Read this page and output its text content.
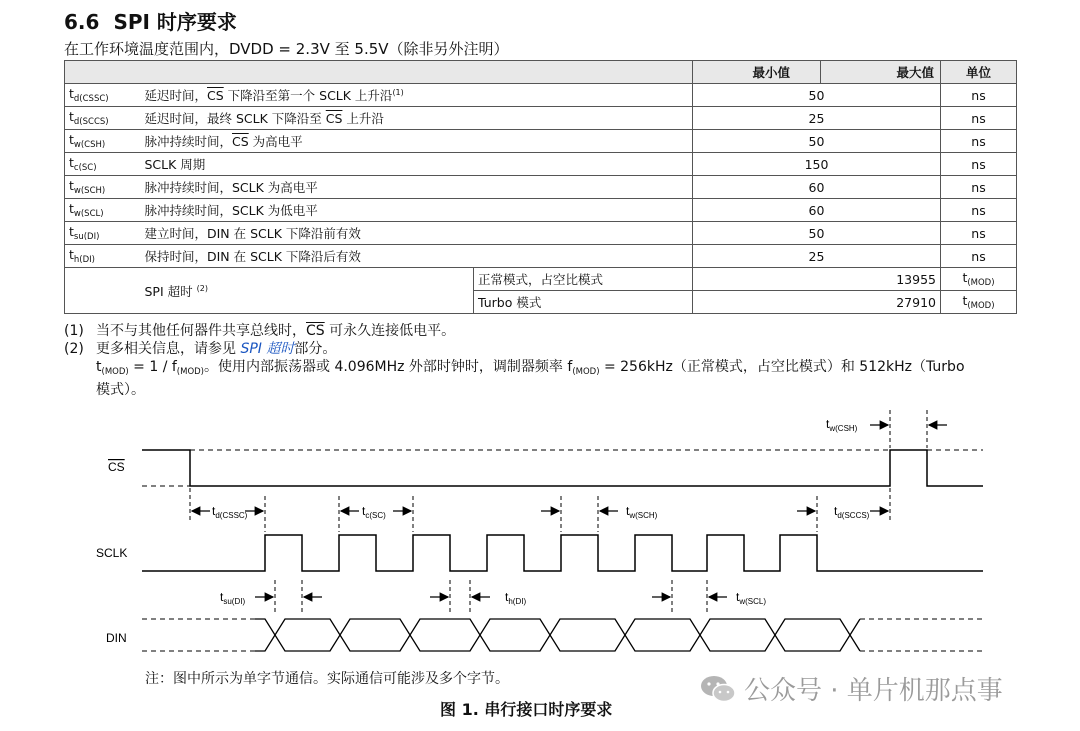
6.6 SPI 时序要求
在工作环境温度范围内，DVDD = 2.3V 至 5.5V（除非另外注明）
			最小值	最大值	单位
$t_{d(CSSC)}$	延迟时间，$\overline{CS}$ 下降沿至第一个 SCLK 上升沿$^{(1)}$		50		ns
$t_{d(SCCS)}$	延迟时间，最终 SCLK 下降沿至 $\overline{CS}$ 上升沿		25		ns
$t_{w(CSH)}$	脉冲持续时间，$\overline{CS}$ 为高电平		50		ns
$t_{c(SC)}$	SCLK 周期		150		ns
$t_{w(SCH)}$	脉冲持续时间，SCLK 为高电平		60		ns
$t_{w(SCL)}$	脉冲持续时间，SCLK 为低电平		60		ns
$t_{su(DI)}$	建立时间，DIN 在 SCLK 下降沿前有效		50		ns
$t_{h(DI)}$	保持时间，DIN 在 SCLK 下降沿后有效		25		ns
	SPI 超时 $^{(2)}$	正常模式，占空比模式	13955		$t_{(MOD)}$
		Turbo 模式	27910		$t_{(MOD)}$
(1) 当不与其他任何器件共享总线时，$\overline{CS}$ 可永久连接低电平。
(2) 更多相关信息，请参见 SPI 超时部分。
$t_{(MOD)} = 1 / f_{(MOD)}$。使用内部振荡器或 4.096MHz 外部时钟时，调制器频率 $f_{(MOD)} = 256kHz$（正常模式，占空比模式）和 512kHz（Turbo
模式）。
CS
SCLK
DIN
$t_{d(CSSC)}$	$t_{c(SC)}$	$t_{w(SCH)}$	$t_{d(SCCS)}$
$t_{w(CSH)}$
$t_{su(DI)}$	$t_{h(DI)}$	$t_{w(SCL)}$
注：图中所示为单字节通信。实际通信可能涉及多个字节。
图 1. 串行接口时序要求
公众号 · 单片机那点事
